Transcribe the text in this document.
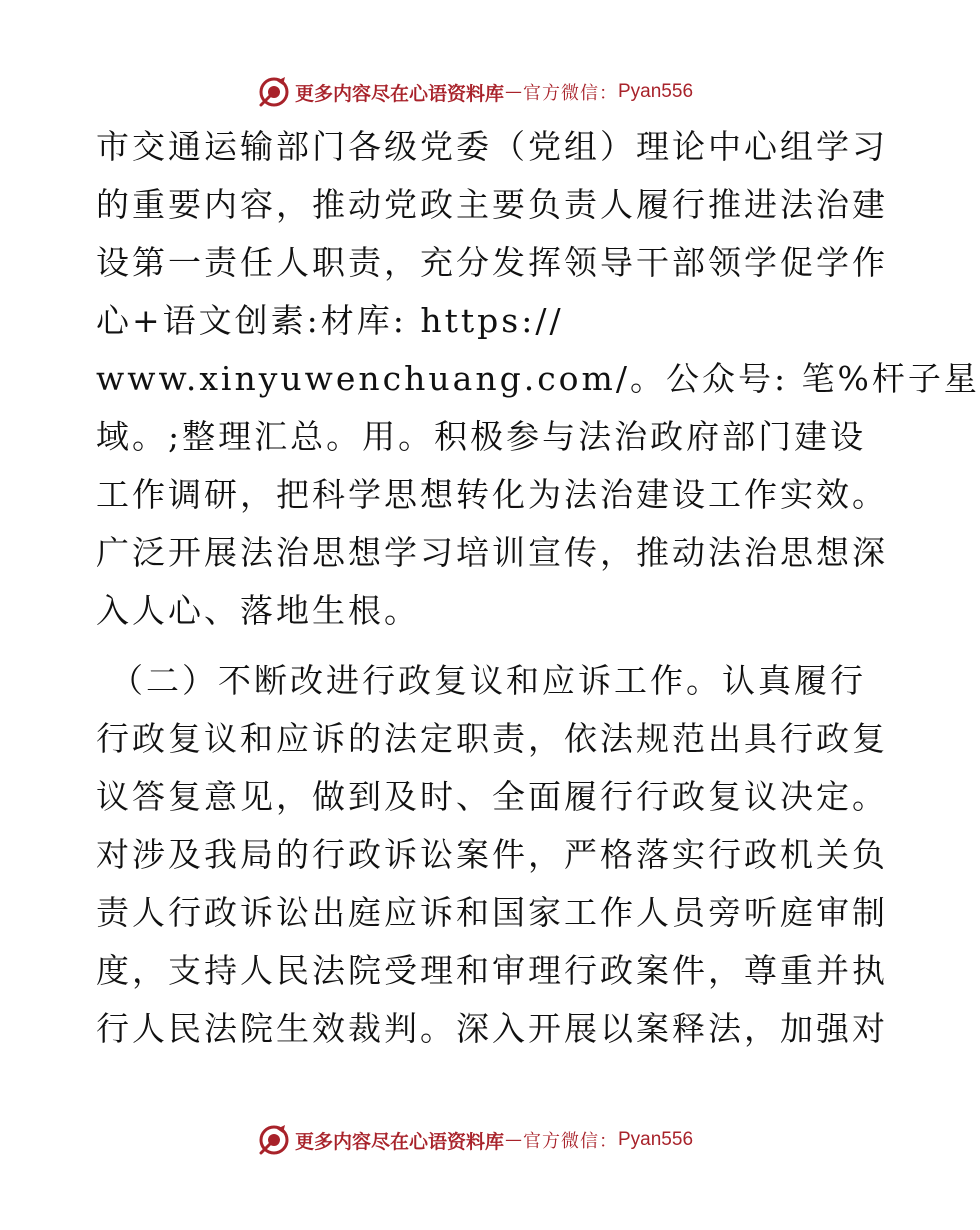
更多内容尽在心语资料库 — 官方微信： Pyan556
市交通运输部门各级党委（党组）理论中心组学习
的重要内容，推动党政主要负责人履行推进法治建
设第一责任人职责，充分发挥领导干部领学促学作
心+语文创素:材库: https://
www.xinyuwenchuang.com/。公众号: 笔%杆子星
域。;整理汇总。用。积极参与法治政府部门建设
工作调研，把科学思想转化为法治建设工作实效。
广泛开展法治思想学习培训宣传，推动法治思想深
入人心、落地生根。
（二）不断改进行政复议和应诉工作。认真履行
行政复议和应诉的法定职责，依法规范出具行政复
议答复意见，做到及时、全面履行行政复议决定。
对涉及我局的行政诉讼案件，严格落实行政机关负
责人行政诉讼出庭应诉和国家工作人员旁听庭审制
度，支持人民法院受理和审理行政案件，尊重并执
行人民法院生效裁判。深入开展以案释法，加强对
更多内容尽在心语资料库 — 官方微信： Pyan556
